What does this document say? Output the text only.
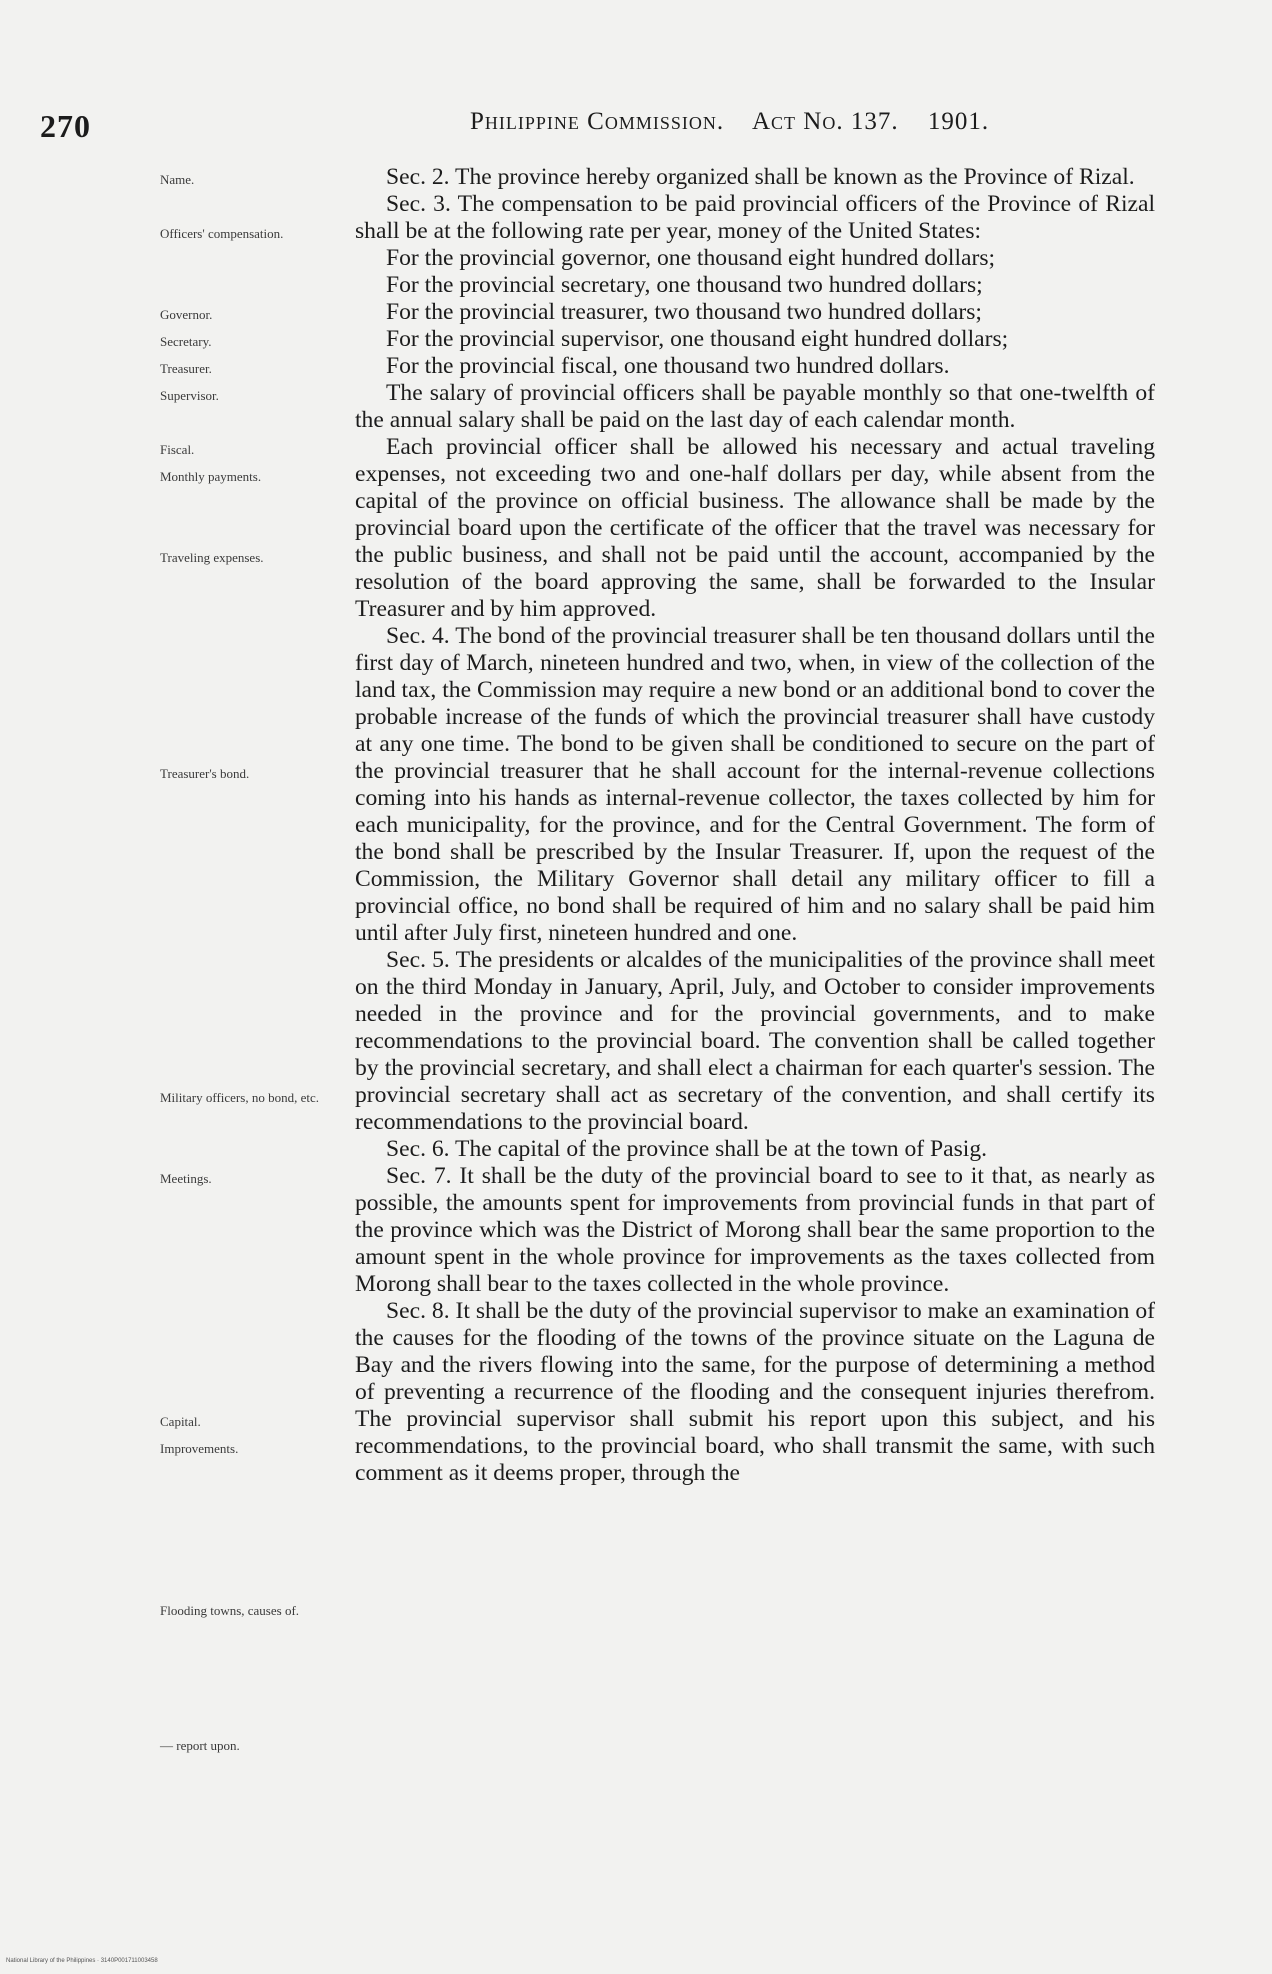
270	Philippine Commission. Act No. 137. 1901.
Name.
Officers' compensation.
Governor.
Secretary.
Treasurer.
Supervisor.
Fiscal.
Monthly payments.
Traveling expenses.
Treasurer's bond.
Military officers, no bond, etc.
Meetings.
Capital.
Improvements.
Flooding towns, causes of.
— report upon.

Sec. 2. The province hereby organized shall be known as the Province of Rizal.

Sec. 3. The compensation to be paid provincial officers of the Province of Rizal shall be at the following rate per year, money of the United States:

For the provincial governor, one thousand eight hundred dollars;

For the provincial secretary, one thousand two hundred dollars;

For the provincial treasurer, two thousand two hundred dollars;

For the provincial supervisor, one thousand eight hundred dollars;

For the provincial fiscal, one thousand two hundred dollars.

The salary of provincial officers shall be payable monthly so that one-twelfth of the annual salary shall be paid on the last day of each calendar month.

Each provincial officer shall be allowed his necessary and actual traveling expenses, not exceeding two and one-half dollars per day, while absent from the capital of the province on official business. The allowance shall be made by the provincial board upon the certificate of the officer that the travel was necessary for the public business, and shall not be paid until the account, accompanied by the resolution of the board approving the same, shall be forwarded to the Insular Treasurer and by him approved.

Sec. 4. The bond of the provincial treasurer shall be ten thousand dollars until the first day of March, nineteen hundred and two, when, in view of the collection of the land tax, the Commission may require a new bond or an additional bond to cover the probable increase of the funds of which the provincial treasurer shall have custody at any one time. The bond to be given shall be conditioned to secure on the part of the provincial treasurer that he shall account for the internal-revenue collections coming into his hands as internal-revenue collector, the taxes collected by him for each municipality, for the province, and for the Central Government. The form of the bond shall be prescribed by the Insular Treasurer. If, upon the request of the Commission, the Military Governor shall detail any military officer to fill a provincial office, no bond shall be required of him and no salary shall be paid him until after July first, nineteen hundred and one.

Sec. 5. The presidents or alcaldes of the municipalities of the province shall meet on the third Monday in January, April, July, and October to consider improvements needed in the province and for the provincial governments, and to make recommendations to the provincial board. The convention shall be called together by the provincial secretary, and shall elect a chairman for each quarter's session. The provincial secretary shall act as secretary of the convention, and shall certify its recommendations to the provincial board.

Sec. 6. The capital of the province shall be at the town of Pasig.

Sec. 7. It shall be the duty of the provincial board to see to it that, as nearly as possible, the amounts spent for improvements from provincial funds in that part of the province which was the District of Morong shall bear the same proportion to the amount spent in the whole province for improvements as the taxes collected from Morong shall bear to the taxes collected in the whole province.

Sec. 8. It shall be the duty of the provincial supervisor to make an examination of the causes for the flooding of the towns of the province situate on the Laguna de Bay and the rivers flowing into the same, for the purpose of determining a method of preventing a recurrence of the flooding and the consequent injuries therefrom. The provincial supervisor shall submit his report upon this subject, and his recommendations, to the provincial board, who shall transmit the same, with such comment as it deems proper, through the

National Library of the Philippines · 3140P001711003458
